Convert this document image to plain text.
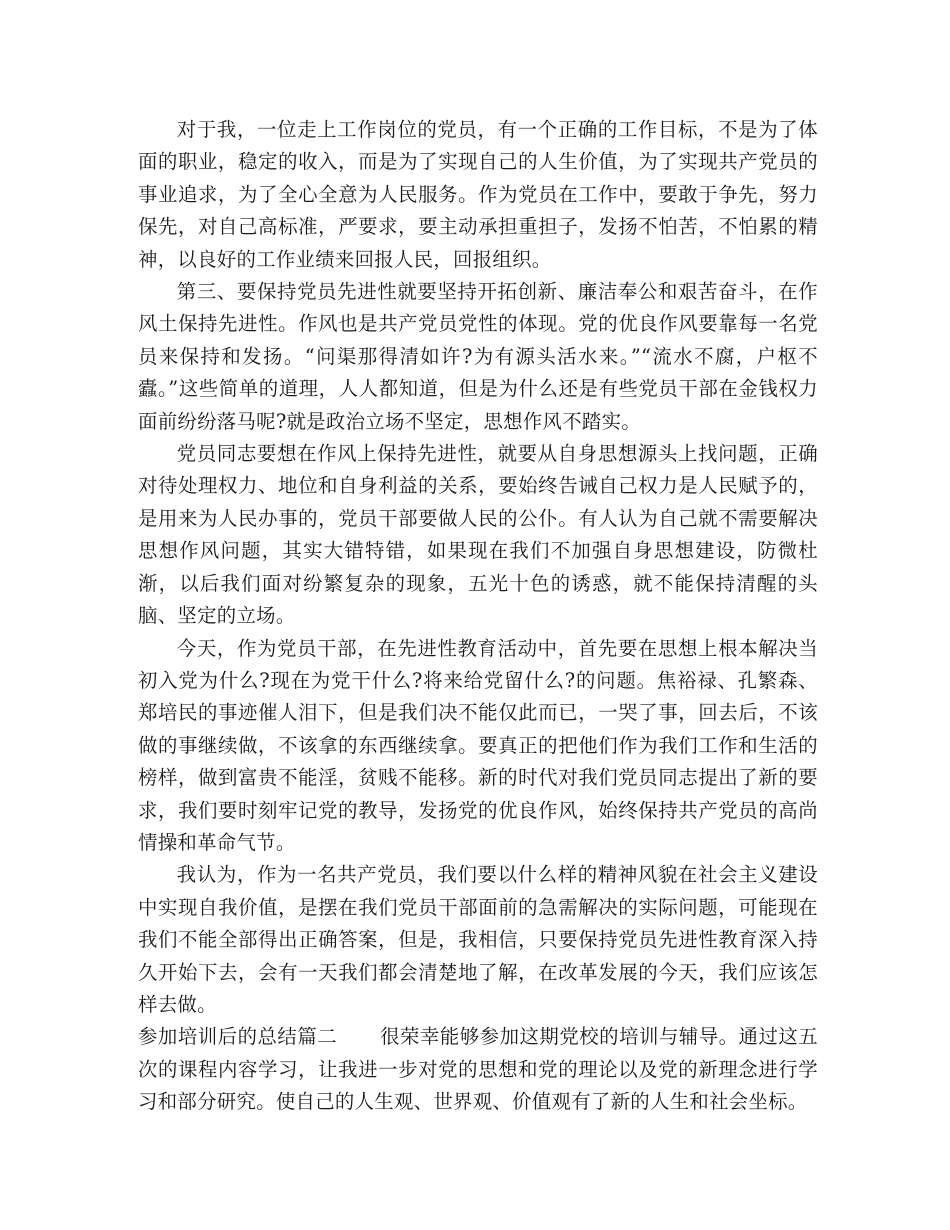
对于我，一位走上工作岗位的党员，有一个正确的工作目标，不是为了体面的职业，稳定的收入，而是为了实现自己的人生价值，为了实现共产党员的事业追求，为了全心全意为人民服务。作为党员在工作中，要敢于争先，努力保先，对自己高标准，严要求，要主动承担重担子，发扬不怕苦，不怕累的精神，以良好的工作业绩来回报人民，回报组织。

第三、要保持党员先进性就要坚持开拓创新、廉洁奉公和艰苦奋斗，在作风土保持先进性。作风也是共产党员党性的体现。党的优良作风要靠每一名党员来保持和发扬。“问渠那得清如许?为有源头活水来。”“流水不腐，户枢不蠹。”这些简单的道理，人人都知道，但是为什么还是有些党员干部在金钱权力面前纷纷落马呢?就是政治立场不坚定，思想作风不踏实。

党员同志要想在作风上保持先进性，就要从自身思想源头上找问题，正确对待处理权力、地位和自身利益的关系，要始终告诫自己权力是人民赋予的，是用来为人民办事的，党员干部要做人民的公仆。有人认为自己就不需要解决思想作风问题，其实大错特错，如果现在我们不加强自身思想建设，防微杜渐，以后我们面对纷繁复杂的现象，五光十色的诱惑，就不能保持清醒的头脑、坚定的立场。

今天，作为党员干部，在先进性教育活动中，首先要在思想上根本解决当初入党为什么?现在为党干什么?将来给党留什么?的问题。焦裕禄、孔繁森、郑培民的事迹催人泪下，但是我们决不能仅此而已，一哭了事，回去后，不该做的事继续做，不该拿的东西继续拿。要真正的把他们作为我们工作和生活的榜样，做到富贵不能淫，贫贱不能移。新的时代对我们党员同志提出了新的要求，我们要时刻牢记党的教导，发扬党的优良作风，始终保持共产党员的高尚情操和革命气节。

我认为，作为一名共产党员，我们要以什么样的精神风貌在社会主义建设中实现自我价值，是摆在我们党员干部面前的急需解决的实际问题，可能现在我们不能全部得出正确答案，但是，我相信，只要保持党员先进性教育深入持久开始下去，会有一天我们都会清楚地了解，在改革发展的今天，我们应该怎样去做。

参加培训后的总结篇二 很荣幸能够参加这期党校的培训与辅导。通过这五次的课程内容学习，让我进一步对党的思想和党的理论以及党的新理念进行学习和部分研究。使自己的人生观、世界观、价值观有了新的人生和社会坐标。
